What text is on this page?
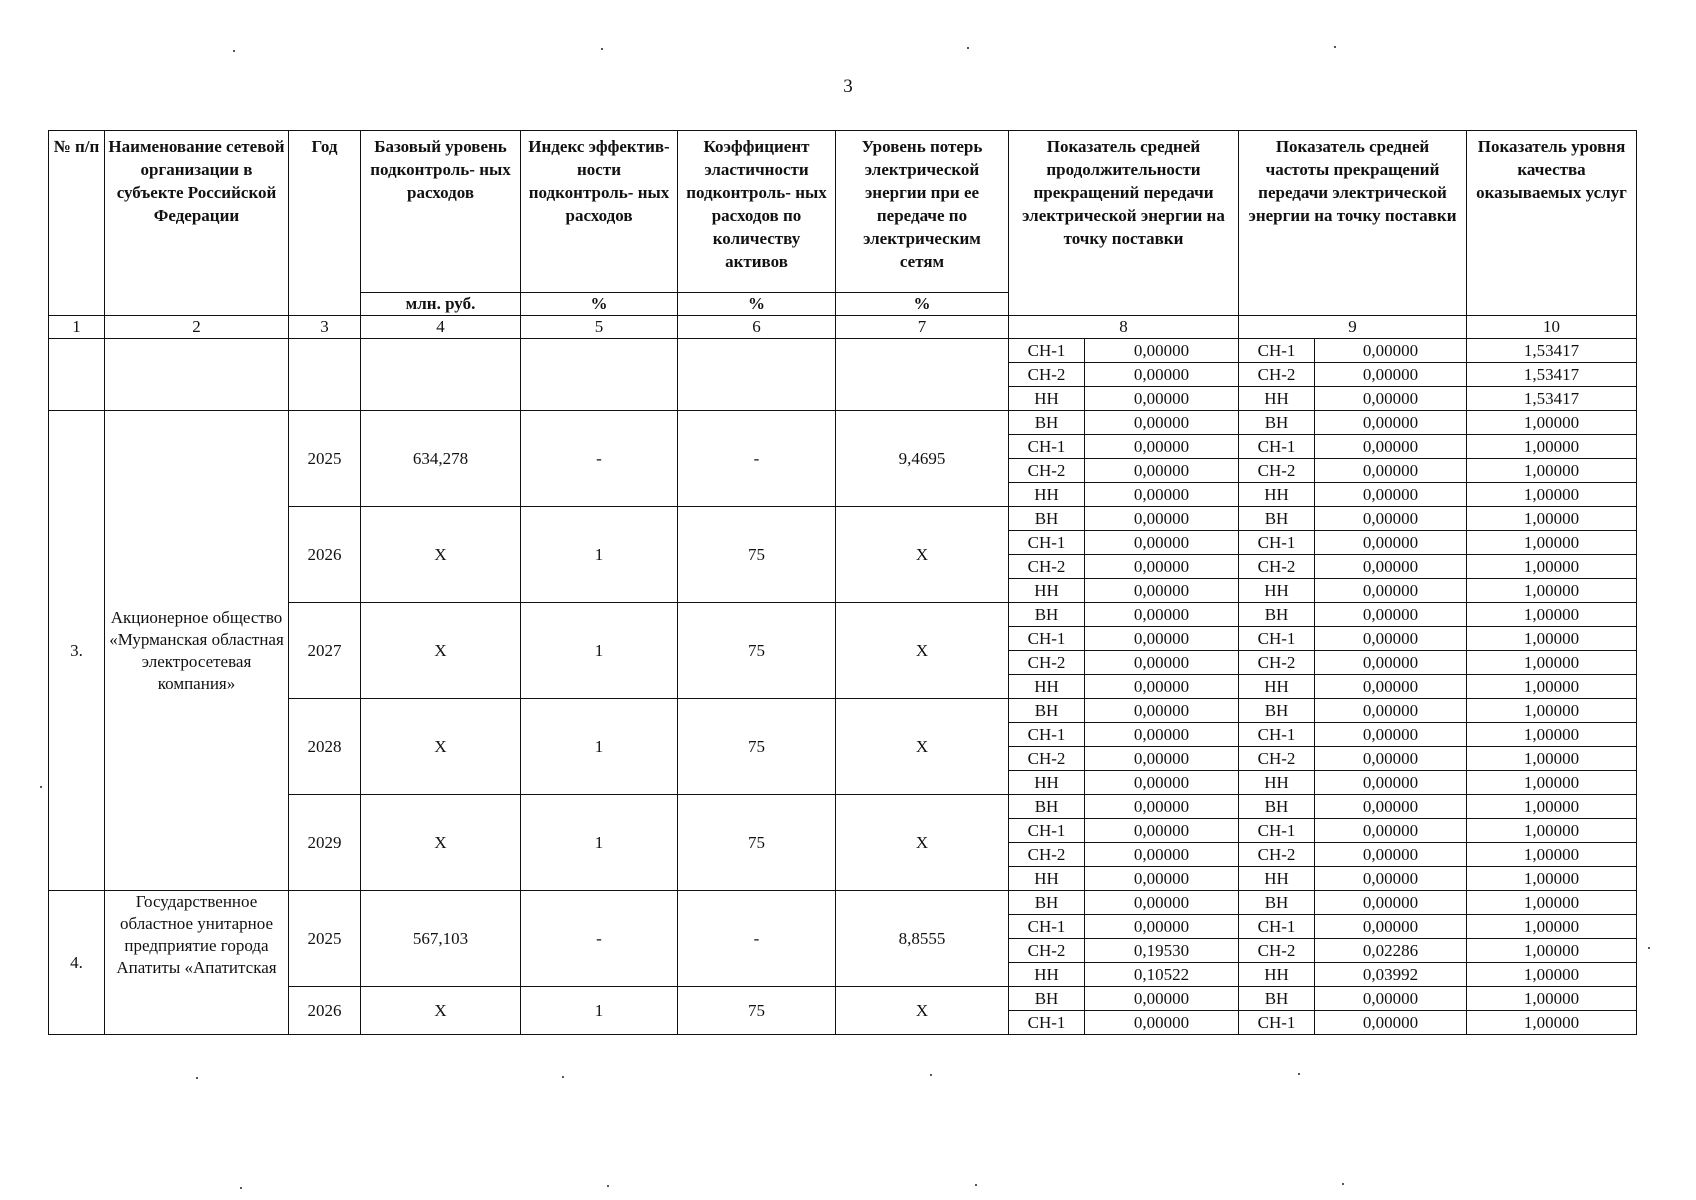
3
№ п/п	Наименование сетевой организации в субъекте Российской Федерации	Год	Базовый уровень подконтроль- ных расходов	Индекс эффектив- ности подконтроль- ных расходов	Коэффициент эластичности подконтроль- ных расходов по количеству активов	Уровень потерь электрической энергии при ее передаче по электрическим сетям	Показатель средней продолжительности прекращений передачи электрической энергии на точку поставки		Показатель средней частоты прекращений передачи электрической энергии на точку поставки		Показатель уровня качества оказываемых услуг
			млн. руб.	%	%	%					
1	2	3	4	5	6	7	8		9		10
							СН-1	0,00000	СН-1	0,00000	1,53417
							СН-2	0,00000	СН-2	0,00000	1,53417
							НН	0,00000	НН	0,00000	1,53417
3.	Акционерное общество «Мурманская областная электросетевая компания»	2025	634,278	-	-	9,4695	ВН	0,00000	ВН	0,00000	1,00000
							СН-1	0,00000	СН-1	0,00000	1,00000
							СН-2	0,00000	СН-2	0,00000	1,00000
							НН	0,00000	НН	0,00000	1,00000
		2026	Х	1	75	Х	ВН	0,00000	ВН	0,00000	1,00000
							СН-1	0,00000	СН-1	0,00000	1,00000
							СН-2	0,00000	СН-2	0,00000	1,00000
							НН	0,00000	НН	0,00000	1,00000
		2027	Х	1	75	Х	ВН	0,00000	ВН	0,00000	1,00000
							СН-1	0,00000	СН-1	0,00000	1,00000
							СН-2	0,00000	СН-2	0,00000	1,00000
							НН	0,00000	НН	0,00000	1,00000
		2028	Х	1	75	Х	ВН	0,00000	ВН	0,00000	1,00000
							СН-1	0,00000	СН-1	0,00000	1,00000
							СН-2	0,00000	СН-2	0,00000	1,00000
							НН	0,00000	НН	0,00000	1,00000
		2029	Х	1	75	Х	ВН	0,00000	ВН	0,00000	1,00000
							СН-1	0,00000	СН-1	0,00000	1,00000
							СН-2	0,00000	СН-2	0,00000	1,00000
							НН	0,00000	НН	0,00000	1,00000
4.	Государственное областное унитарное предприятие города Апатиты «Апатитская	2025	567,103	-	-	8,8555	ВН	0,00000	ВН	0,00000	1,00000
							СН-1	0,00000	СН-1	0,00000	1,00000
							СН-2	0,19530	СН-2	0,02286	1,00000
							НН	0,10522	НН	0,03992	1,00000
		2026	Х	1	75	Х	ВН	0,00000	ВН	0,00000	1,00000
							СН-1	0,00000	СН-1	0,00000	1,00000
